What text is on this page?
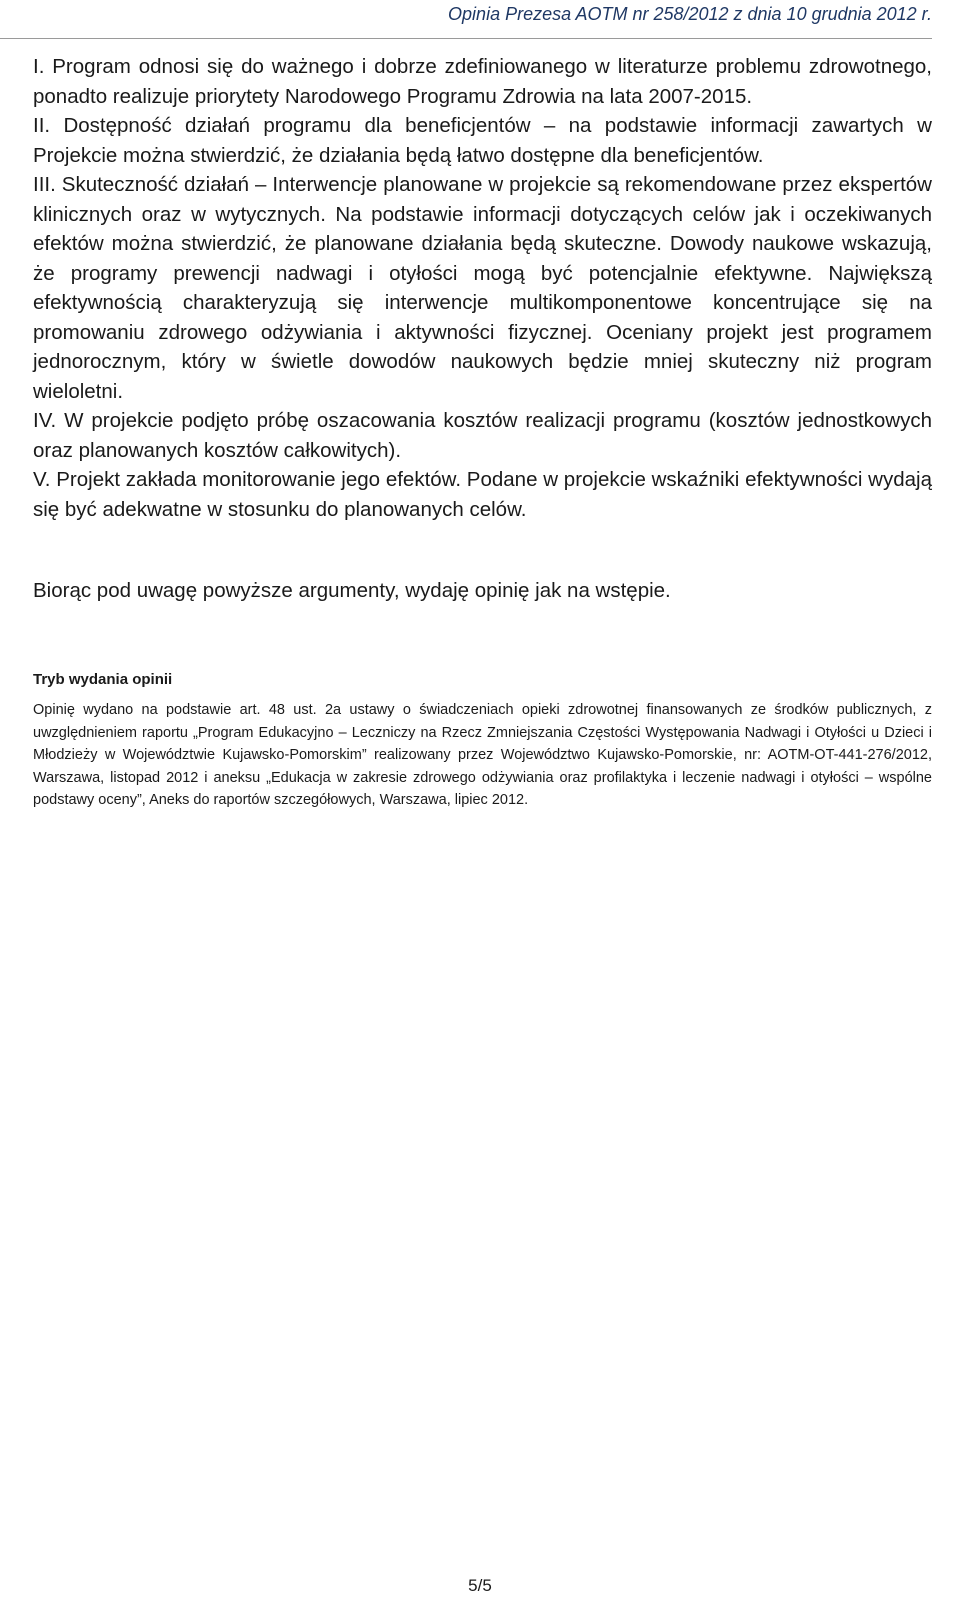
Opinia Prezesa AOTM nr 258/2012 z dnia 10 grudnia 2012 r.

I. Program odnosi się do ważnego i dobrze zdefiniowanego w literaturze problemu zdrowotnego, ponadto realizuje priorytety Narodowego Programu Zdrowia na lata 2007-2015.

II. Dostępność działań programu dla beneficjentów – na podstawie informacji zawartych w Projekcie można stwierdzić, że działania będą łatwo dostępne dla beneficjentów.

III. Skuteczność działań – Interwencje planowane w projekcie są rekomendowane przez ekspertów klinicznych oraz w wytycznych. Na podstawie informacji dotyczących celów jak i oczekiwanych efektów można stwierdzić, że planowane działania będą skuteczne. Dowody naukowe wskazują, że programy prewencji nadwagi i otyłości mogą być potencjalnie efektywne. Największą efektywnością charakteryzują się interwencje multikomponentowe koncentrujące się na promowaniu zdrowego odżywiania i aktywności fizycznej. Oceniany projekt jest programem jednorocznym, który w świetle dowodów naukowych będzie mniej skuteczny niż program wieloletni.

IV. W projekcie podjęto próbę oszacowania kosztów realizacji programu (kosztów jednostkowych oraz planowanych kosztów całkowitych).

V. Projekt zakłada monitorowanie jego efektów. Podane w projekcie wskaźniki efektywności wydają się być adekwatne w stosunku do planowanych celów.

Biorąc pod uwagę powyższe argumenty, wydaję opinię jak na wstępie.

Tryb wydania opinii

Opinię wydano na podstawie art. 48 ust. 2a ustawy o świadczeniach opieki zdrowotnej finansowanych ze środków publicznych, z uwzględnieniem raportu „Program Edukacyjno – Leczniczy na Rzecz Zmniejszania Częstości Występowania Nadwagi i Otyłości u Dzieci i Młodzieży w Województwie Kujawsko-Pomorskim” realizowany przez Województwo Kujawsko-Pomorskie, nr: AOTM-OT-441-276/2012, Warszawa, listopad 2012 i aneksu „Edukacja w zakresie zdrowego odżywiania oraz profilaktyka i leczenie nadwagi i otyłości – wspólne podstawy oceny”, Aneks do raportów szczegółowych, Warszawa, lipiec 2012.

5/5
